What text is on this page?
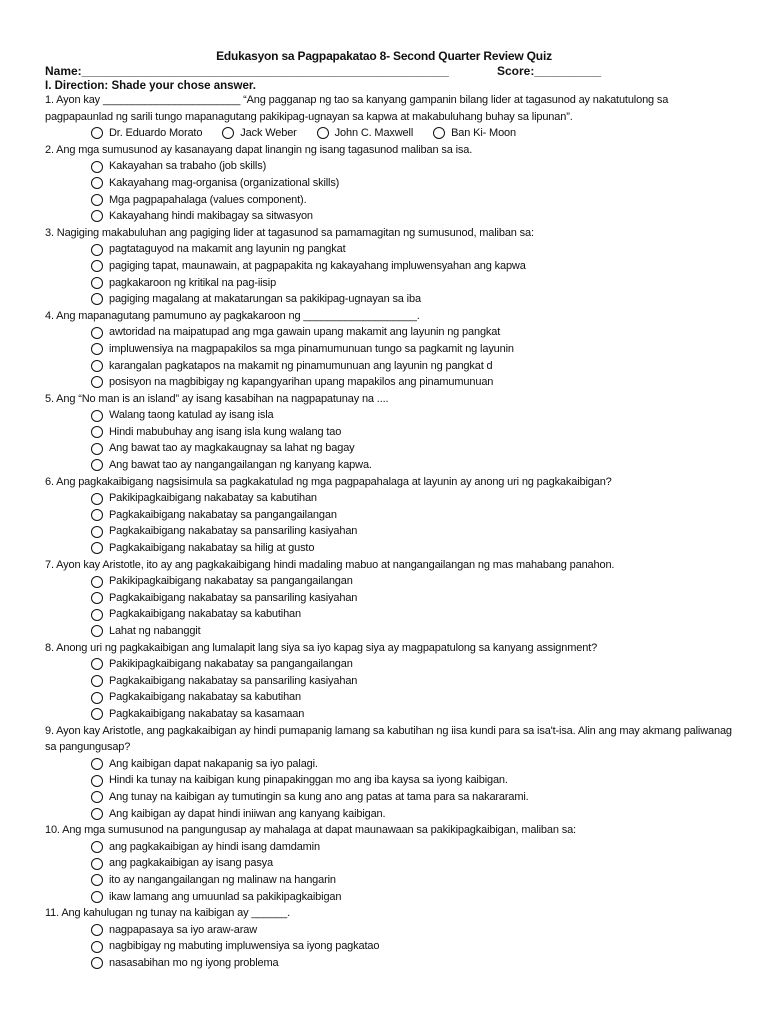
Edukasyon sa Pagpapakatao 8- Second Quarter Review Quiz
Name:_______________________________________________________	Score:__________
I. Direction: Shade your chose answer.
1. Ayon kay _______________________ “Ang pagganap ng tao sa kanyang gampanin bilang lider at tagasunod ay nakatutulong sa pagpapaunlad ng sarili tungo mapanagutang pakikipag-ugnayan sa kapwa at makabuluhang buhay sa lipunan”.
Dr. Eduardo Morato	Jack Weber	John C. Maxwell	Ban Ki- Moon
2. Ang mga sumusunod ay kasanayang dapat linangin ng isang tagasunod maliban sa isa.
Kakayahan sa trabaho (job skills)
Kakayahang mag-organisa (organizational skills)
Mga pagpapahalaga (values component).
Kakayahang hindi makibagay sa sitwasyon
3. Nagiging makabuluhan ang pagiging lider at tagasunod sa pamamagitan ng sumusunod, maliban sa:
pagtataguyod na makamit ang layunin ng pangkat
pagiging tapat, maunawain, at pagpapakita ng kakayahang impluwensyahan ang kapwa
pagkakaroon ng kritikal na pag-iisip
pagiging magalang at makatarungan sa pakikipag-ugnayan sa iba
4. Ang mapanagutang pamumuno ay pagkakaroon ng ___________________.
awtoridad na maipatupad ang mga gawain upang makamit ang layunin ng pangkat
impluwensiya na magpapakilos sa mga pinamumunuan tungo sa pagkamit ng layunin
karangalan pagkatapos na makamit ng pinamumunuan ang layunin ng pangkat d
posisyon na magbibigay ng kapangyarihan upang mapakilos ang pinamumunuan
5. Ang “No man is an island” ay isang kasabihan na nagpapatunay na ....
Walang taong katulad ay isang isla
Hindi mabubuhay ang isang isla kung walang tao
Ang bawat tao ay magkakaugnay sa lahat ng bagay
Ang bawat tao ay nangangailangan ng kanyang kapwa.
6. Ang pagkakaibigang nagsisimula sa pagkakatulad ng mga pagpapahalaga at layunin ay anong uri ng pagkakaibigan?
Pakikipagkaibigang nakabatay sa kabutihan
Pagkakaibigang nakabatay sa pangangailangan
Pagkakaibigang nakabatay sa pansariling kasiyahan
Pagkakaibigang nakabatay sa hilig at gusto
7. Ayon kay Aristotle, ito ay ang pagkakaibigang hindi madaling mabuo at nangangailangan ng mas mahabang panahon.
Pakikipagkaibigang nakabatay sa pangangailangan
Pagkakaibigang nakabatay sa pansariling kasiyahan
Pagkakaibigang nakabatay sa kabutihan
Lahat ng nabanggit
8. Anong uri ng pagkakaibigan ang lumalapit lang siya sa iyo kapag siya ay magpapatulong sa kanyang assignment?
Pakikipagkaibigang nakabatay sa pangangailangan
Pagkakaibigang nakabatay sa pansariling kasiyahan
Pagkakaibigang nakabatay sa kabutihan
Pagkakaibigang nakabatay sa kasamaan
9. Ayon kay Aristotle, ang pagkakaibigan ay hindi pumapanig lamang sa kabutihan ng iisa kundi para sa isa't-isa. Alin ang may akmang paliwanag sa pangungusap?
Ang kaibigan dapat nakapanig sa iyo palagi.
Hindi ka tunay na kaibigan kung pinapakinggan mo ang iba kaysa sa iyong kaibigan.
Ang tunay na kaibigan ay tumutingin sa kung ano ang patas at tama para sa nakararami.
Ang kaibigan ay dapat hindi iniiwan ang kanyang kaibigan.
10. Ang mga sumusunod na pangungusap ay mahalaga at dapat maunawaan sa pakikipagkaibigan, maliban sa:
ang pagkakaibigan ay hindi isang damdamin
ang pagkakaibigan ay isang pasya
ito ay nangangailangan ng malinaw na hangarin
ikaw lamang ang umuunlad sa pakikipagkaibigan
11. Ang kahulugan ng tunay na kaibigan ay ______.
nagpapasaya sa iyo araw-araw
nagbibigay ng mabuting impluwensiya sa iyong pagkatao
nasasabihan mo ng iyong problema
